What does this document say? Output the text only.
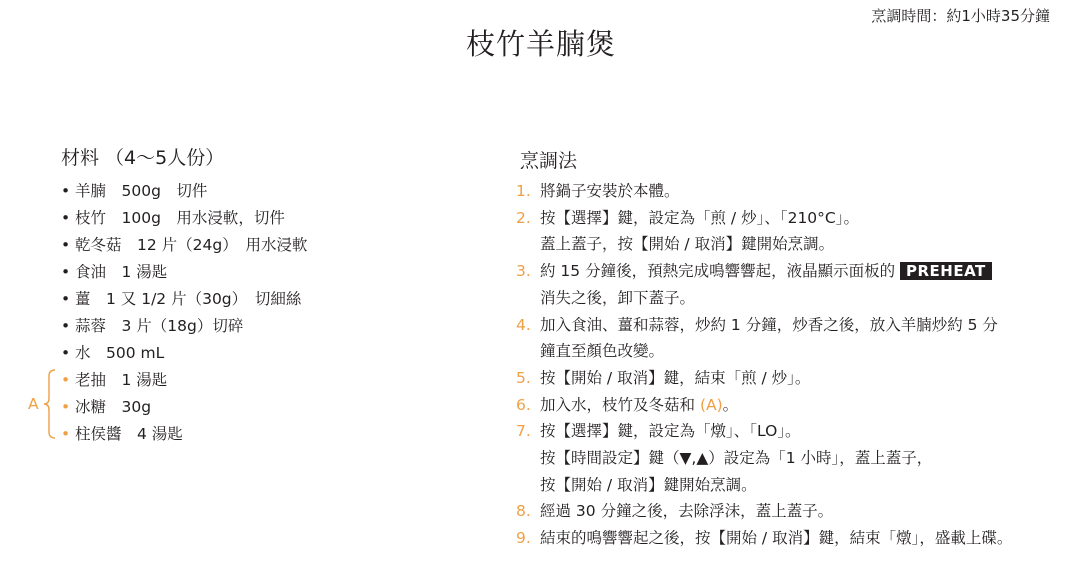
烹調時間：約1小時35分鐘
枝竹羊腩煲
材料 （4～5人份）
• 羊腩　500g　切件
• 枝竹　100g　用水浸軟，切件
• 乾冬菇　12 片（24g）　用水浸軟
• 食油　1 湯匙
• 薑　1 又 1/2 片（30g）　切細絲
• 蒜蓉　3 片（18g）切碎
• 水　500 mL
• 老抽　1 湯匙
• 冰糖　30g
• 柱侯醬　4 湯匙
A
烹調法
1. 將鍋子安裝於本體。
2. 按【選擇】鍵，設定為「煎 / 炒」、「210°C」。
蓋上蓋子，按【開始 / 取消】鍵開始烹調。
3. 約 15 分鐘後，預熱完成鳴響響起，液晶顯示面板的 PREHEAT
消失之後，卸下蓋子。
4. 加入食油、薑和蒜蓉，炒約 1 分鐘，炒香之後，放入羊腩炒約 5 分
鐘直至顏色改變。
5. 按【開始 / 取消】鍵，結束「煎 / 炒」。
6. 加入水，枝竹及冬菇和 (A)。
7. 按【選擇】鍵，設定為「燉」、「LO」。
按【時間設定】鍵（▼,▲）設定為「1 小時」，蓋上蓋子，
按【開始 / 取消】鍵開始烹調。
8. 經過 30 分鐘之後，去除浮沫，蓋上蓋子。
9. 結束的鳴響響起之後，按【開始 / 取消】鍵，結束「燉」，盛載上碟。
